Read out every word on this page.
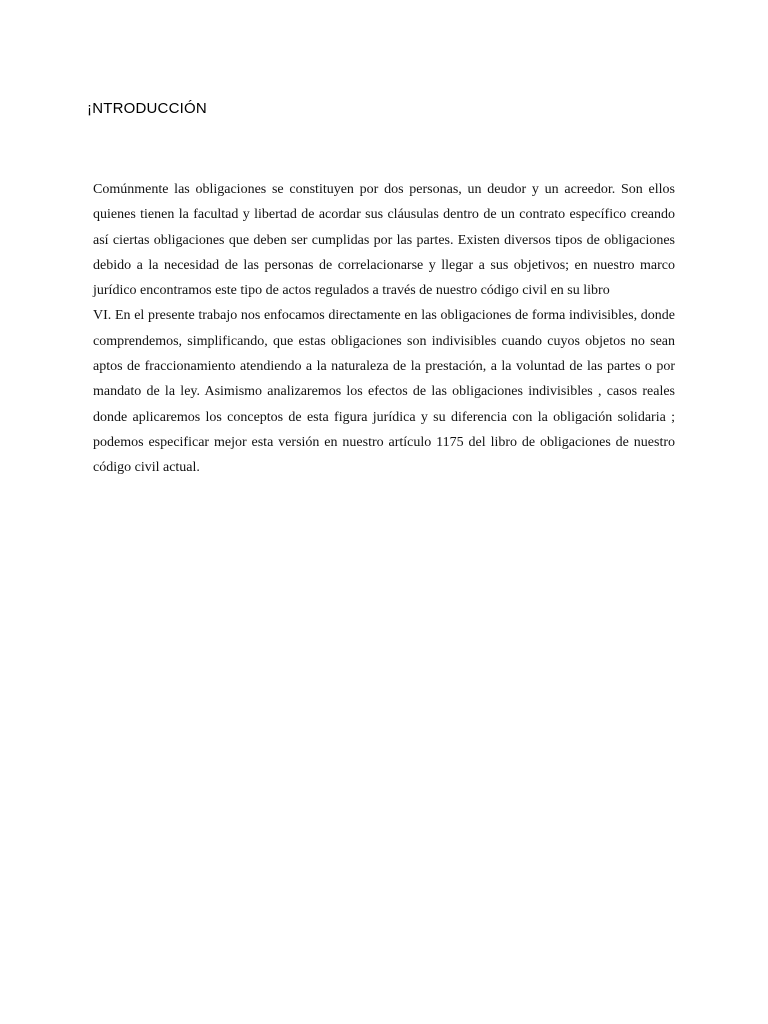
¡NTRODUCCIÓN

Comúnmente las obligaciones se constituyen por dos personas, un deudor y un acreedor. Son ellos quienes tienen la facultad y libertad de acordar sus cláusulas dentro de un contrato específico creando así ciertas obligaciones que deben ser cumplidas por las partes. Existen diversos tipos de obligaciones debido a la necesidad de las personas de correlacionarse y llegar a sus objetivos; en nuestro marco jurídico encontramos este tipo de actos regulados a través de nuestro código civil en su libro

VI. En el presente trabajo nos enfocamos directamente en las obligaciones de forma indivisibles, donde comprendemos, simplificando, que estas obligaciones son indivisibles cuando cuyos objetos no sean aptos de fraccionamiento atendiendo a la naturaleza de la prestación, a la voluntad de las partes o por mandato de la ley. Asimismo analizaremos los efectos de las obligaciones indivisibles , casos reales donde aplicaremos los conceptos de esta figura jurídica y su diferencia con la obligación solidaria ; podemos especificar mejor esta versión en nuestro artículo 1175 del libro de obligaciones de nuestro código civil actual.
